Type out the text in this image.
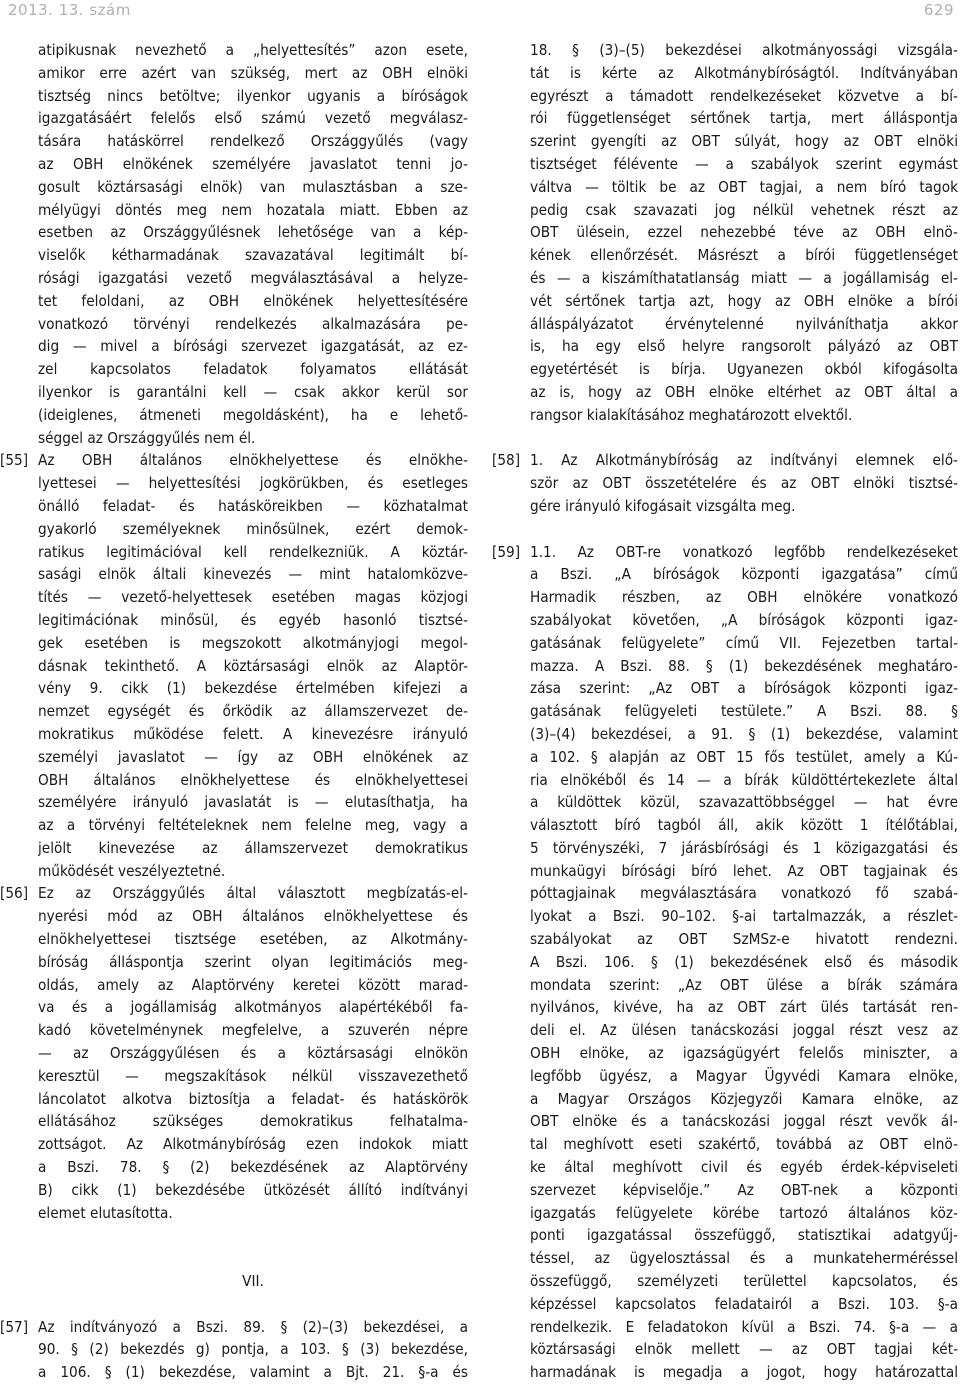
2013. 13. szám	629
atipikusnak nevezhető a „helyettesítés” azon esete,
amikor erre azért van szükség, mert az OBH elnöki
tisztség nincs betöltve; ilyenkor ugyanis a bíróságok
igazgatásáért felelős első számú vezető megválasz-
tására hatáskörrel rendelkező Országgyűlés (vagy
az OBH elnökének személyére javaslatot tenni jo-
gosult köztársasági elnök) van mulasztásban a sze-
mélyügyi döntés meg nem hozatala miatt. Ebben az
esetben az Országgyűlésnek lehetősége van a kép-
viselők kétharmadának szavazatával legitimált bí-
rósági igazgatási vezető megválasztásával a helyze-
tet feloldani, az OBH elnökének helyettesítésére
vonatkozó törvényi rendelkezés alkalmazására pe-
dig — mivel a bírósági szervezet igazgatását, az ez-
zel kapcsolatos feladatok folyamatos ellátását
ilyenkor is garantálni kell — csak akkor kerül sor
(ideiglenes, átmeneti megoldásként), ha e lehető-
séggel az Országgyűlés nem él.
[55] Az OBH általános elnökhelyettese és elnökhe-
lyettesei — helyettesítési jogkörükben, és esetleges
önálló feladat- és hatásköreikben — közhatalmat
gyakorló személyeknek minősülnek, ezért demok-
ratikus legitimációval kell rendelkezniük. A köztár-
sasági elnök általi kinevezés — mint hatalomközve-
títés — vezető-helyettesek esetében magas közjogi
legitimációnak minősül, és egyéb hasonló tisztsé-
gek esetében is megszokott alkotmányjogi megol-
dásnak tekinthető. A köztársasági elnök az Alaptör-
vény 9. cikk (1) bekezdése értelmében kifejezi a
nemzet egységét és őrködik az államszervezet de-
mokratikus működése felett. A kinevezésre irányuló
személyi javaslatot — így az OBH elnökének az
OBH általános elnökhelyettese és elnökhelyettesei
személyére irányuló javaslatát is — elutasíthatja, ha
az a törvényi feltételeknek nem felelne meg, vagy a
jelölt kinevezése az államszervezet demokratikus
működését veszélyeztetné.
[56] Ez az Országgyűlés által választott megbízatás-el-
nyerési mód az OBH általános elnökhelyettese és
elnökhelyettesei tisztsége esetében, az Alkotmány-
bíróság álláspontja szerint olyan legitimációs meg-
oldás, amely az Alaptörvény keretei között marad-
va és a jogállamiság alkotmányos alapértékéből fa-
kadó követelménynek megfelelve, a szuverén népre
— az Országgyűlésen és a köztársasági elnökön
keresztül — megszakítások nélkül visszavezethető
láncolatot alkotva biztosítja a feladat- és hatáskörök
ellátásához szükséges demokratikus felhatalma-
zottságot. Az Alkotmánybíróság ezen indokok miatt
a Bszi. 78. § (2) bekezdésének az Alaptörvény
B) cikk (1) bekezdésébe ütközését állító indítványi
elemet elutasította.
VII.
[57] Az indítványozó a Bszi. 89. § (2)–(3) bekezdései, a
90. § (2) bekezdés g) pontja, a 103. § (3) bekezdése,
a 106. § (1) bekezdése, valamint a Bjt. 21. §-a és
18. § (3)–(5) bekezdései alkotmányossági vizsgála-
tát is kérte az Alkotmánybíróságtól. Indítványában
egyrészt a támadott rendelkezéseket közvetve a bí-
rói függetlenséget sértőnek tartja, mert álláspontja
szerint gyengíti az OBT súlyát, hogy az OBT elnöki
tisztséget félévente — a szabályok szerint egymást
váltva — töltik be az OBT tagjai, a nem bíró tagok
pedig csak szavazati jog nélkül vehetnek részt az
OBT ülésein, ezzel nehezebbé téve az OBH elnö-
kének ellenőrzését. Másrészt a bírói függetlenséget
és — a kiszámíthatatlanság miatt — a jogállamiság el-
vét sértőnek tartja azt, hogy az OBH elnöke a bírói
álláspályázatot érvénytelenné nyilváníthatja akkor
is, ha egy első helyre rangsorolt pályázó az OBT
egyetértését is bírja. Ugyanezen okból kifogásolta
az is, hogy az OBH elnöke eltérhet az OBT által a
rangsor kialakításához meghatározott elvektől.
[58] 1. Az Alkotmánybíróság az indítványi elemnek elő-
ször az OBT összetételére és az OBT elnöki tisztsé-
gére irányuló kifogásait vizsgálta meg.
[59] 1.1. Az OBT-re vonatkozó legfőbb rendelkezéseket
a Bszi. „A bíróságok központi igazgatása” című
Harmadik részben, az OBH elnökére vonatkozó
szabályokat követően, „A bíróságok központi igaz-
gatásának felügyelete” című VII. Fejezetben tartal-
mazza. A Bszi. 88. § (1) bekezdésének meghatáro-
zása szerint: „Az OBT a bíróságok központi igaz-
gatásának felügyeleti testülete.” A Bszi. 88. §
(3)–(4) bekezdései, a 91. § (1) bekezdése, valamint
a 102. § alapján az OBT 15 fős testület, amely a Kú-
ria elnökéből és 14 — a bírák küldöttértekezlete által
a küldöttek közül, szavazattöbbséggel — hat évre
választott bíró tagból áll, akik között 1 ítélőtáblai,
5 törvényszéki, 7 járásbírósági és 1 közigazgatási és
munkaügyi bírósági bíró lehet. Az OBT tagjainak és
póttagjainak megválasztására vonatkozó fő szabá-
lyokat a Bszi. 90–102. §-ai tartalmazzák, a részlet-
szabályokat az OBT SzMSz-e hivatott rendezni.
A Bszi. 106. § (1) bekezdésének első és második
mondata szerint: „Az OBT ülése a bírák számára
nyilvános, kivéve, ha az OBT zárt ülés tartását ren-
deli el. Az ülésen tanácskozási joggal részt vesz az
OBH elnöke, az igazságügyért felelős miniszter, a
legfőbb ügyész, a Magyar Ügyvédi Kamara elnöke,
a Magyar Országos Közjegyzői Kamara elnöke, az
OBT elnöke és a tanácskozási joggal részt vevők ál-
tal meghívott eseti szakértő, továbbá az OBT elnö-
ke által meghívott civil és egyéb érdek-képviseleti
szervezet képviselője.” Az OBT-nek a központi
igazgatás felügyelete körébe tartozó általános köz-
ponti igazgatással összefüggő, statisztikai adatgyűj-
téssel, az ügyelosztással és a munkateherméréssel
összefüggő, személyzeti területtel kapcsolatos, és
képzéssel kapcsolatos feladatairól a Bszi. 103. §-a
rendelkezik. E feladatokon kívül a Bszi. 74. §-a — a
köztársasági elnök mellett — az OBT tagjai két-
harmadának is megadja a jogot, hogy határozattal
